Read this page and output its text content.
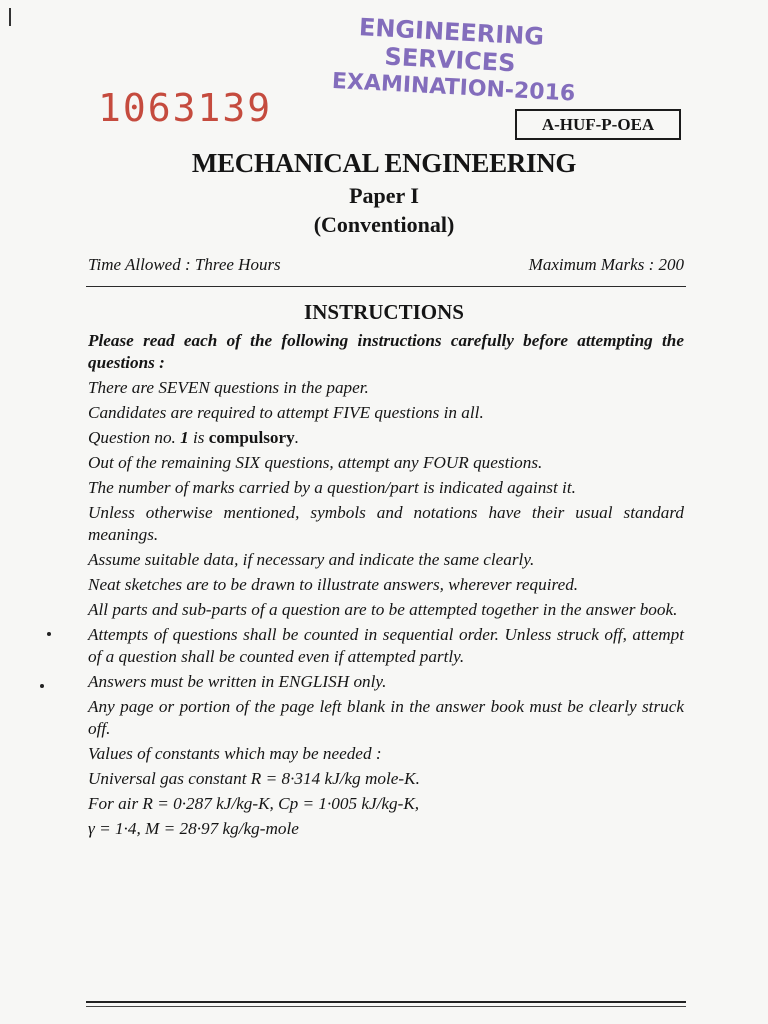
ENGINEERING SERVICES
EXAMINATION-2016
1063139	A-HUF-P-OEA
MECHANICAL ENGINEERING
Paper I
(Conventional)
Time Allowed : Three Hours	Maximum Marks : 200
INSTRUCTIONS

Please read each of the following instructions carefully before attempting the questions :

There are SEVEN questions in the paper.

Candidates are required to attempt FIVE questions in all.

Question no. 1 is compulsory.

Out of the remaining SIX questions, attempt any FOUR questions.

The number of marks carried by a question/part is indicated against it.

Unless otherwise mentioned, symbols and notations have their usual standard meanings.

Assume suitable data, if necessary and indicate the same clearly.

Neat sketches are to be drawn to illustrate answers, wherever required.

All parts and sub-parts of a question are to be attempted together in the answer book.

Attempts of questions shall be counted in sequential order. Unless struck off, attempt of a question shall be counted even if attempted partly.

Answers must be written in ENGLISH only.

Any page or portion of the page left blank in the answer book must be clearly struck off.

Values of constants which may be needed :

Universal gas constant R = 8·314 kJ/kg mole-K.

For air R = 0·287 kJ/kg-K, Cp = 1·005 kJ/kg-K,

γ = 1·4, M = 28·97 kg/kg-mole
